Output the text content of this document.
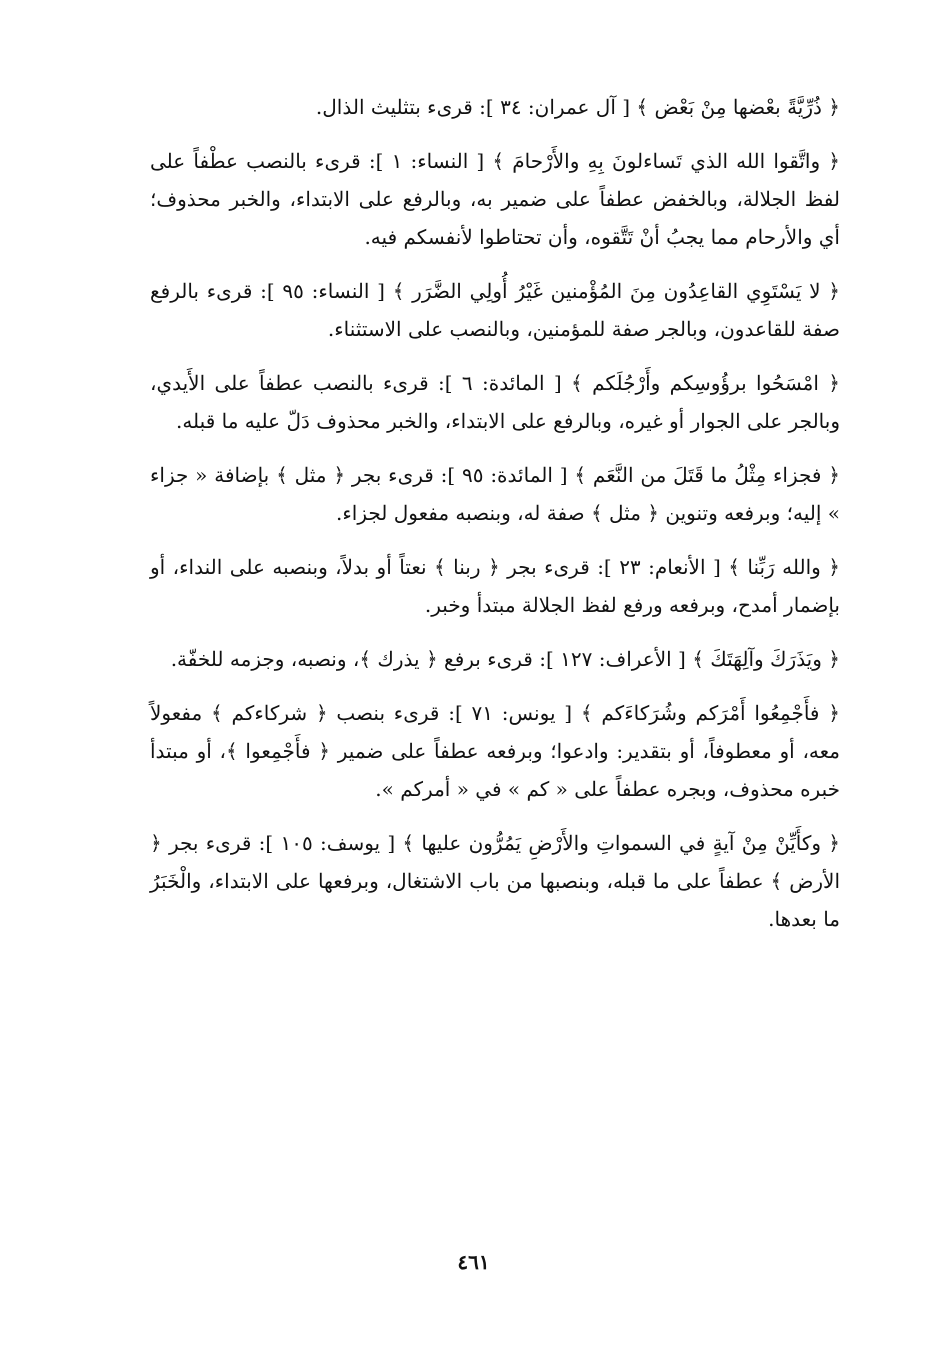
﴿ ذُرِّيَّةً بعْضها مِنْ بَعْض ﴾ [ آل عمران: ٣٤ ]: قرىء بتثليث الذال.

﴿ واتَّقوا الله الذي تَساءلونَ بِهِ والأَرْحامَ ﴾ [ النساء: ١ ]: قرىء بالنصب عطْفاً على لفظ الجلالة، وبالخفض عطفاً على ضمير به، وبالرفع على الابتداء، والخبر محذوف؛ أي والأرحام مما يجبُ أنْ تَتَّقوه، وأن تحتاطوا لأنفسكم فيه.

﴿ لا يَسْتَوِي القاعِدُون مِنَ المُؤْمنين غَيْرُ أُولِي الضَّرَر ﴾ [ النساء: ٩٥ ]: قرىء بالرفع صفة للقاعدون، وبالجر صفة للمؤمنين، وبالنصب على الاستثناء.

﴿ امْسَحُوا برؤُوسِكم وأَرْجُلَكم ﴾ [ المائدة: ٦ ]: قرىء بالنصب عطفاً على الأَيدي، وبالجر على الجوار أو غيره، وبالرفع على الابتداء، والخبر محذوف دَلّ عليه ما قبله.

﴿ فجزاء مِثْلُ ما قَتَلَ من النَّعَم ﴾ [ المائدة: ٩٥ ]: قرىء بجر ﴿ مثل ﴾ بإضافة « جزاء » إليه؛ وبرفعه وتنوين ﴿ مثل ﴾ صفة له، وبنصبه مفعول لجزاء.

﴿ والله رَبِّنا ﴾ [ الأنعام: ٢٣ ]: قرىء بجر ﴿ ربنا ﴾ نعتاً أو بدلاً، وبنصبه على النداء، أو بإضمار أمدح، وبرفعه ورفع لفظ الجلالة مبتدأ وخبر.

﴿ ويَذَرَكَ وآلِهَتَكَ ﴾ [ الأعراف: ١٢٧ ]: قرىء برفع ﴿ يذرك ﴾، ونصبه، وجزمه للخفّة.

﴿ فأَجْمِعُوا أَمْرَكم وشُرَكاءَكم ﴾ [ يونس: ٧١ ]: قرىء بنصب ﴿ شركاءكم ﴾ مفعولاً معه، أو معطوفاً، أو بتقدير: وادعوا؛ وبرفعه عطفاً على ضمير ﴿ فأَجْمِعوا ﴾، أو مبتدأ خبره محذوف، وبجره عطفاً على « كم » في « أمركم ».

﴿ وكأَيِّنْ مِنْ آيةٍ في السمواتِ والأَرْضِ يَمُرُّون عليها ﴾ [ يوسف: ١٠٥ ]: قرىء بجر ﴿ الأرض ﴾ عطفاً على ما قبله، وبنصبها من باب الاشتغال، وبرفعها على الابتداء، والْخَبَرُ ما بعدها.

٤٦١
